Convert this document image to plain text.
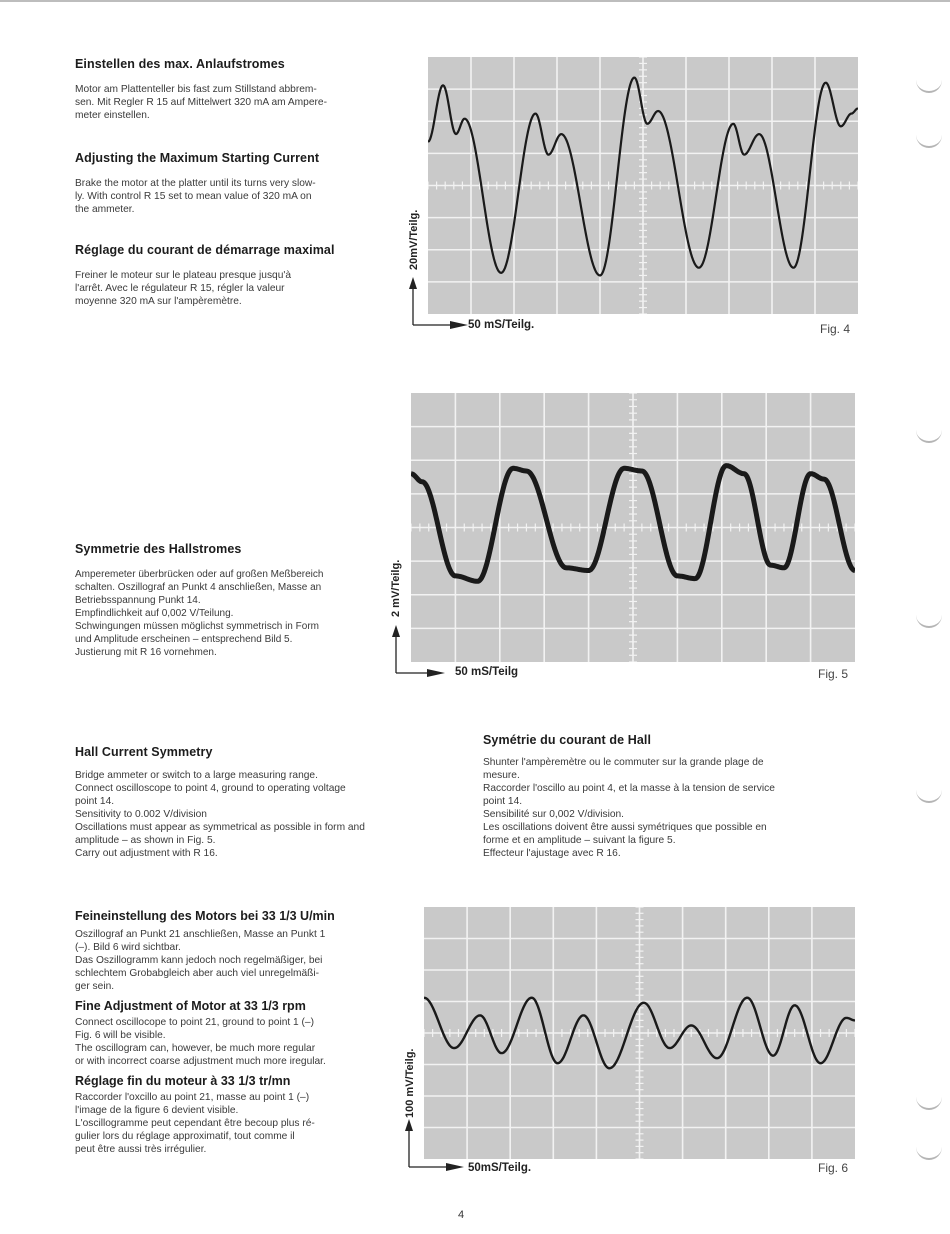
Einstellen des max. Anlaufstromes

Motor am Plattenteller bis fast zum Stillstand abbrem-
sen. Mit Regler R 15 auf Mittelwert 320 mA am Ampere-
meter einstellen.

Adjusting the Maximum Starting Current

Brake the motor at the platter until its turns very slow-
ly. With control R 15 set to mean value of 320 mA on
the ammeter.

Réglage du courant de démarrage maximal

Freiner le moteur sur le plateau presque jusqu'à
l'arrêt. Avec le régulateur R 15, régler la valeur
moyenne 320 mA sur l'ampèremètre.

20mV/Teilg.
50 mS/Teilg.	Fig. 4
2 mV/Teilg.
50 mS/Teilg	Fig. 5
Symmetrie des Hallstromes

Amperemeter überbrücken oder auf großen Meßbereich
schalten. Oszillograf an Punkt 4 anschließen, Masse an
Betriebsspannung Punkt 14.
Empfindlichkeit auf 0,002 V/Teilung.
Schwingungen müssen möglichst symmetrisch in Form
und Amplitude erscheinen – entsprechend Bild 5.
Justierung mit R 16 vornehmen.

Hall Current Symmetry

Bridge ammeter or switch to a large measuring range.
Connect oscilloscope to point 4, ground to operating voltage
point 14.
Sensitivity to 0.002 V/division
Oscillations must appear as symmetrical as possible in form and
amplitude – as shown in Fig. 5.
Carry out adjustment with R 16.

Symétrie du courant de Hall

Shunter l'ampèremètre ou le commuter sur la grande plage de
mesure.
Raccorder l'oscillo au point 4, et la masse à la tension de service
point 14.
Sensibilité sur 0,002 V/division.
Les oscillations doivent être aussi symétriques que possible en
forme et en amplitude – suivant la figure 5.
Effecteur l'ajustage avec R 16.

Feineinstellung des Motors bei 33 1/3 U/min

Oszillograf an Punkt 21 anschließen, Masse an Punkt 1
(–). Bild 6 wird sichtbar.
Das Oszillogramm kann jedoch noch regelmäßiger, bei
schlechtem Grobabgleich aber auch viel unregelmäßi-
ger sein.

Fine Adjustment of Motor at 33 1/3 rpm

Connect oscillocope to point 21, ground to point 1 (–)
Fig. 6 will be visible.
The oscillogram can, however, be much more regular
or with incorrect coarse adjustment much more iregular.

Réglage fin du moteur à 33 1/3 tr/mn

Raccorder l'oxcillo au point 21, masse au point 1 (–)
l'image de la figure 6 devient visible.
L'oscillogramme peut cependant être becoup plus ré-
gulier lors du réglage approximatif, tout comme il
peut être aussi très irrégulier.

100 mV/Teilg.
50mS/Teilg.	Fig. 6
4
